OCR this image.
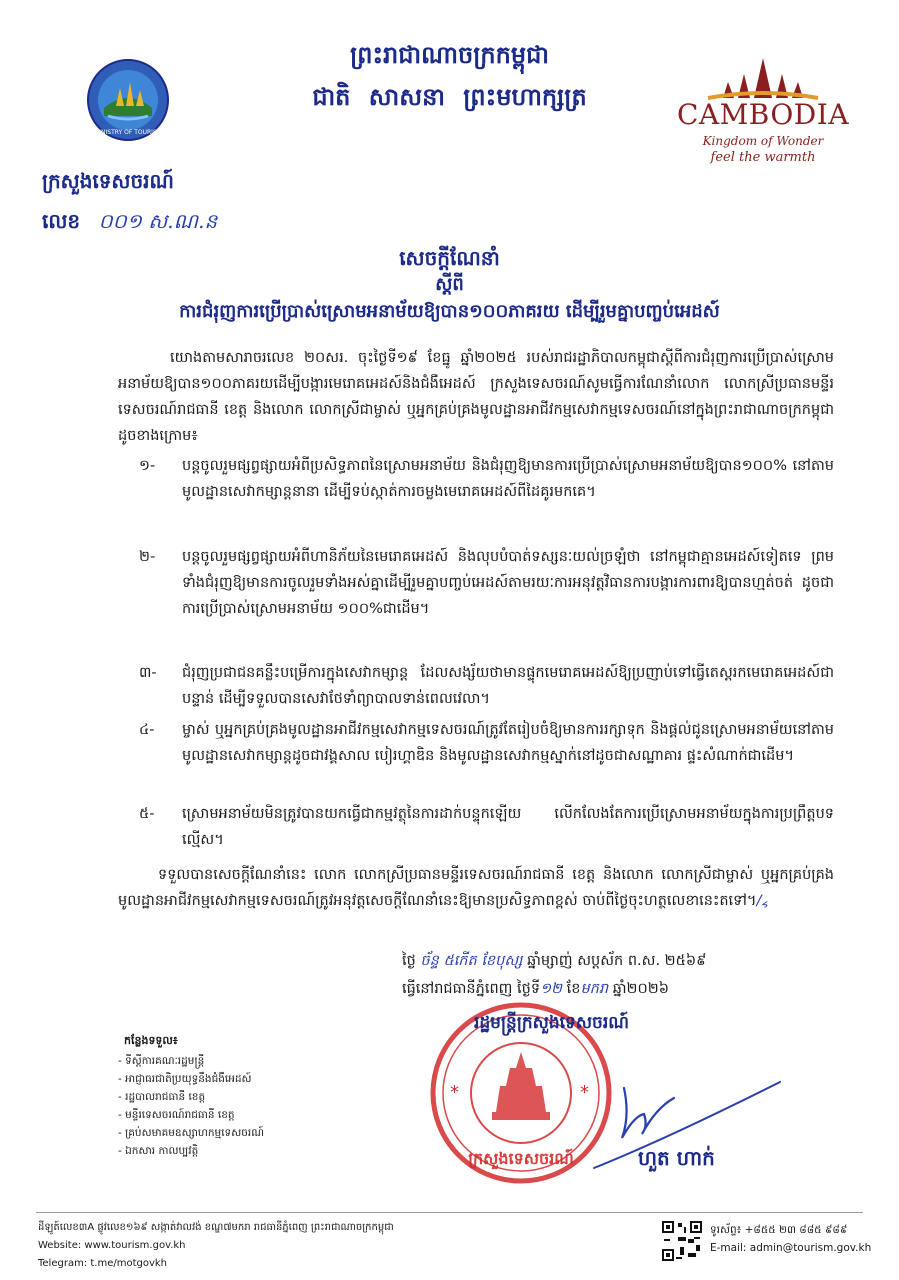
MINISTRY OF TOURISM
ព្រះរាជាណាចក្រកម្ពុជា
ជាតិ សាសនា ព្រះមហាក្សត្រ
CAMBODIA
Kingdom of Wonder
feel the warmth
ក្រសួងទេសចរណ៍
លេខ ០០១ ស.ណ.ន
សេចក្ដីណែនាំ
ស្ដីពី
ការជំរុញការប្រើប្រាស់ស្រោមអនាម័យឱ្យបាន១០០ភាគរយ ដើម្បីរួមគ្នាបញ្ចប់អេដស៍
យោងតាមសារាចរលេខ ២០សរ. ចុះថ្ងៃទី១៩ ខែធ្នូ ឆ្នាំ២០២៥ របស់រាជរដ្ឋាភិបាលកម្ពុជាស្ដីពីការជំរុញការប្រើប្រាស់ស្រោមអនាម័យឱ្យបាន១០០ភាគរយដើម្បីបង្ការមេរោគអេដស៍និងជំងឺអេដស៍ ក្រសួងទេសចរណ៍សូមធ្វើការណែនាំលោក លោកស្រីប្រធានមន្ទីរទេសចរណ៍រាជធានី ខេត្ត និងលោក លោកស្រីជាម្ចាស់ ឬអ្នកគ្រប់គ្រងមូលដ្ឋានអាជីវកម្មសេវាកម្មទេសចរណ៍នៅក្នុងព្រះរាជាណាចក្រកម្ពុជា ដូចខាងក្រោម៖
១-	បន្តចូលរួមផ្សព្វផ្សាយអំពីប្រសិទ្ធភាពនៃស្រោមអនាម័យ និងជំរុញឱ្យមានការប្រើប្រាស់ស្រោមអនាម័យឱ្យបាន១០០% នៅតាមមូលដ្ឋានសេវាកម្សាន្តនានា ដើម្បីទប់ស្កាត់ការចម្លងមេរោគអេដស៍ពីដៃគូរមកគេ។
២-	បន្តចូលរួមផ្សព្វផ្សាយអំពីហានិភ័យនៃមេរោគអេដស៍ និងលុបបំបាត់ទស្សនៈយល់ច្រឡំថា នៅកម្ពុជាគ្មានអេដស៍ទៀតទេ ព្រមទាំងជំរុញឱ្យមានការចូលរួមទាំងអស់គ្នាដើម្បីរួមគ្នាបញ្ចប់អេដស៍តាមរយៈការអនុវត្តវិធានការបង្ការការពារឱ្យបានហ្មត់ចត់ ដូចជាការប្រើប្រាស់ស្រោមអនាម័យ ១០០%ជាដើម។
៣-	ជំរុញប្រជាជនគន្លឹះបម្រើការក្នុងសេវាកម្សាន្ត ដែលសង្ស័យថាមានផ្ទុកមេរោគអេដស៍ឱ្យប្រញាប់ទៅធ្វើតេស្តរកមេរោគអេដស៍ជាបន្ទាន់ ដើម្បីទទួលបានសេវាថែទាំព្យាបាលទាន់ពេលវេលា។
៤-	ម្ចាស់ ឬអ្នកគ្រប់គ្រងមូលដ្ឋានអាជីវកម្មសេវាកម្មទេសចរណ៍ត្រូវតែរៀបចំឱ្យមានការរក្សាទុក និងផ្ដល់ជូនស្រោមអនាម័យនៅតាមមូលដ្ឋានសេវាកម្សាន្តដូចជាវង្គសាល បៀរហ្គាឌិន និងមូលដ្ឋានសេវាកម្មស្នាក់នៅដូចជាសណ្ឋាគារ ផ្ទះសំណាក់ជាដើម។
៥-	ស្រោមអនាម័យមិនត្រូវបានយកធ្វើជាកម្មវត្ថុនៃការដាក់បន្ទុកឡើយ លើកលែងតែការប្រើស្រោមអនាម័យក្នុងការប្រព្រឹត្តបទល្មើស។
ទទួលបានសេចក្ដីណែនាំនេះ លោក លោកស្រីប្រធានមន្ទីរទេសចរណ៍រាជធានី ខេត្ត និងលោក លោកស្រីជាម្ចាស់ ឬអ្នកគ្រប់គ្រងមូលដ្ឋានអាជីវកម្មសេវាកម្មទេសចរណ៍ត្រូវអនុវត្តសេចក្ដីណែនាំនេះឱ្យមានប្រសិទ្ធភាពខ្ពស់ ចាប់ពីថ្ងៃចុះហត្ថលេខានេះតទៅ។/៹
ថ្ងៃ ច័ន្ទ ៥កើត ខែបុស្ស ឆ្នាំម្សាញ់ សប្តស័ក ព.ស. ២៥៦៩
ធ្វើនៅរាជធានីភ្នំពេញ ថ្ងៃទី១២ ខែមករា ឆ្នាំ២០២៦
កន្លែងទទួល៖
- ទីស្ដីការគណៈរដ្ឋមន្ត្រី
- អាជ្ញាធរជាតិប្រយុទ្ធនឹងជំងឺអេដស៍
- រដ្ឋបាលរាជធានី ខេត្ត
- មន្ទីរទេសចរណ៍រាជធានី ខេត្ត
- គ្រប់សមាគមឧស្សាហកម្មទេសចរណ៍
- ឯកសារ កាលប្បវត្តិ
*	*
ក្រសួងទេសចរណ៍
រដ្ឋមន្ត្រីក្រសួងទេសចរណ៍
ហួត ហាក់
ដីឡូត៍លេខ៣A ផ្លូវលេខ១៦៩ សង្កាត់វាលវង់ ខណ្ឌ៧មករា រាជធានីភ្នំពេញ ព្រះរាជាណាចក្រកម្ពុជា
Website: www.tourism.gov.kh
Telegram: t.me/motgovkh
ទូរស័ព្ទ៖ +៨៥៥ ២៣ ៨៨៥ ៩៨៩
E-mail: admin@tourism.gov.kh
